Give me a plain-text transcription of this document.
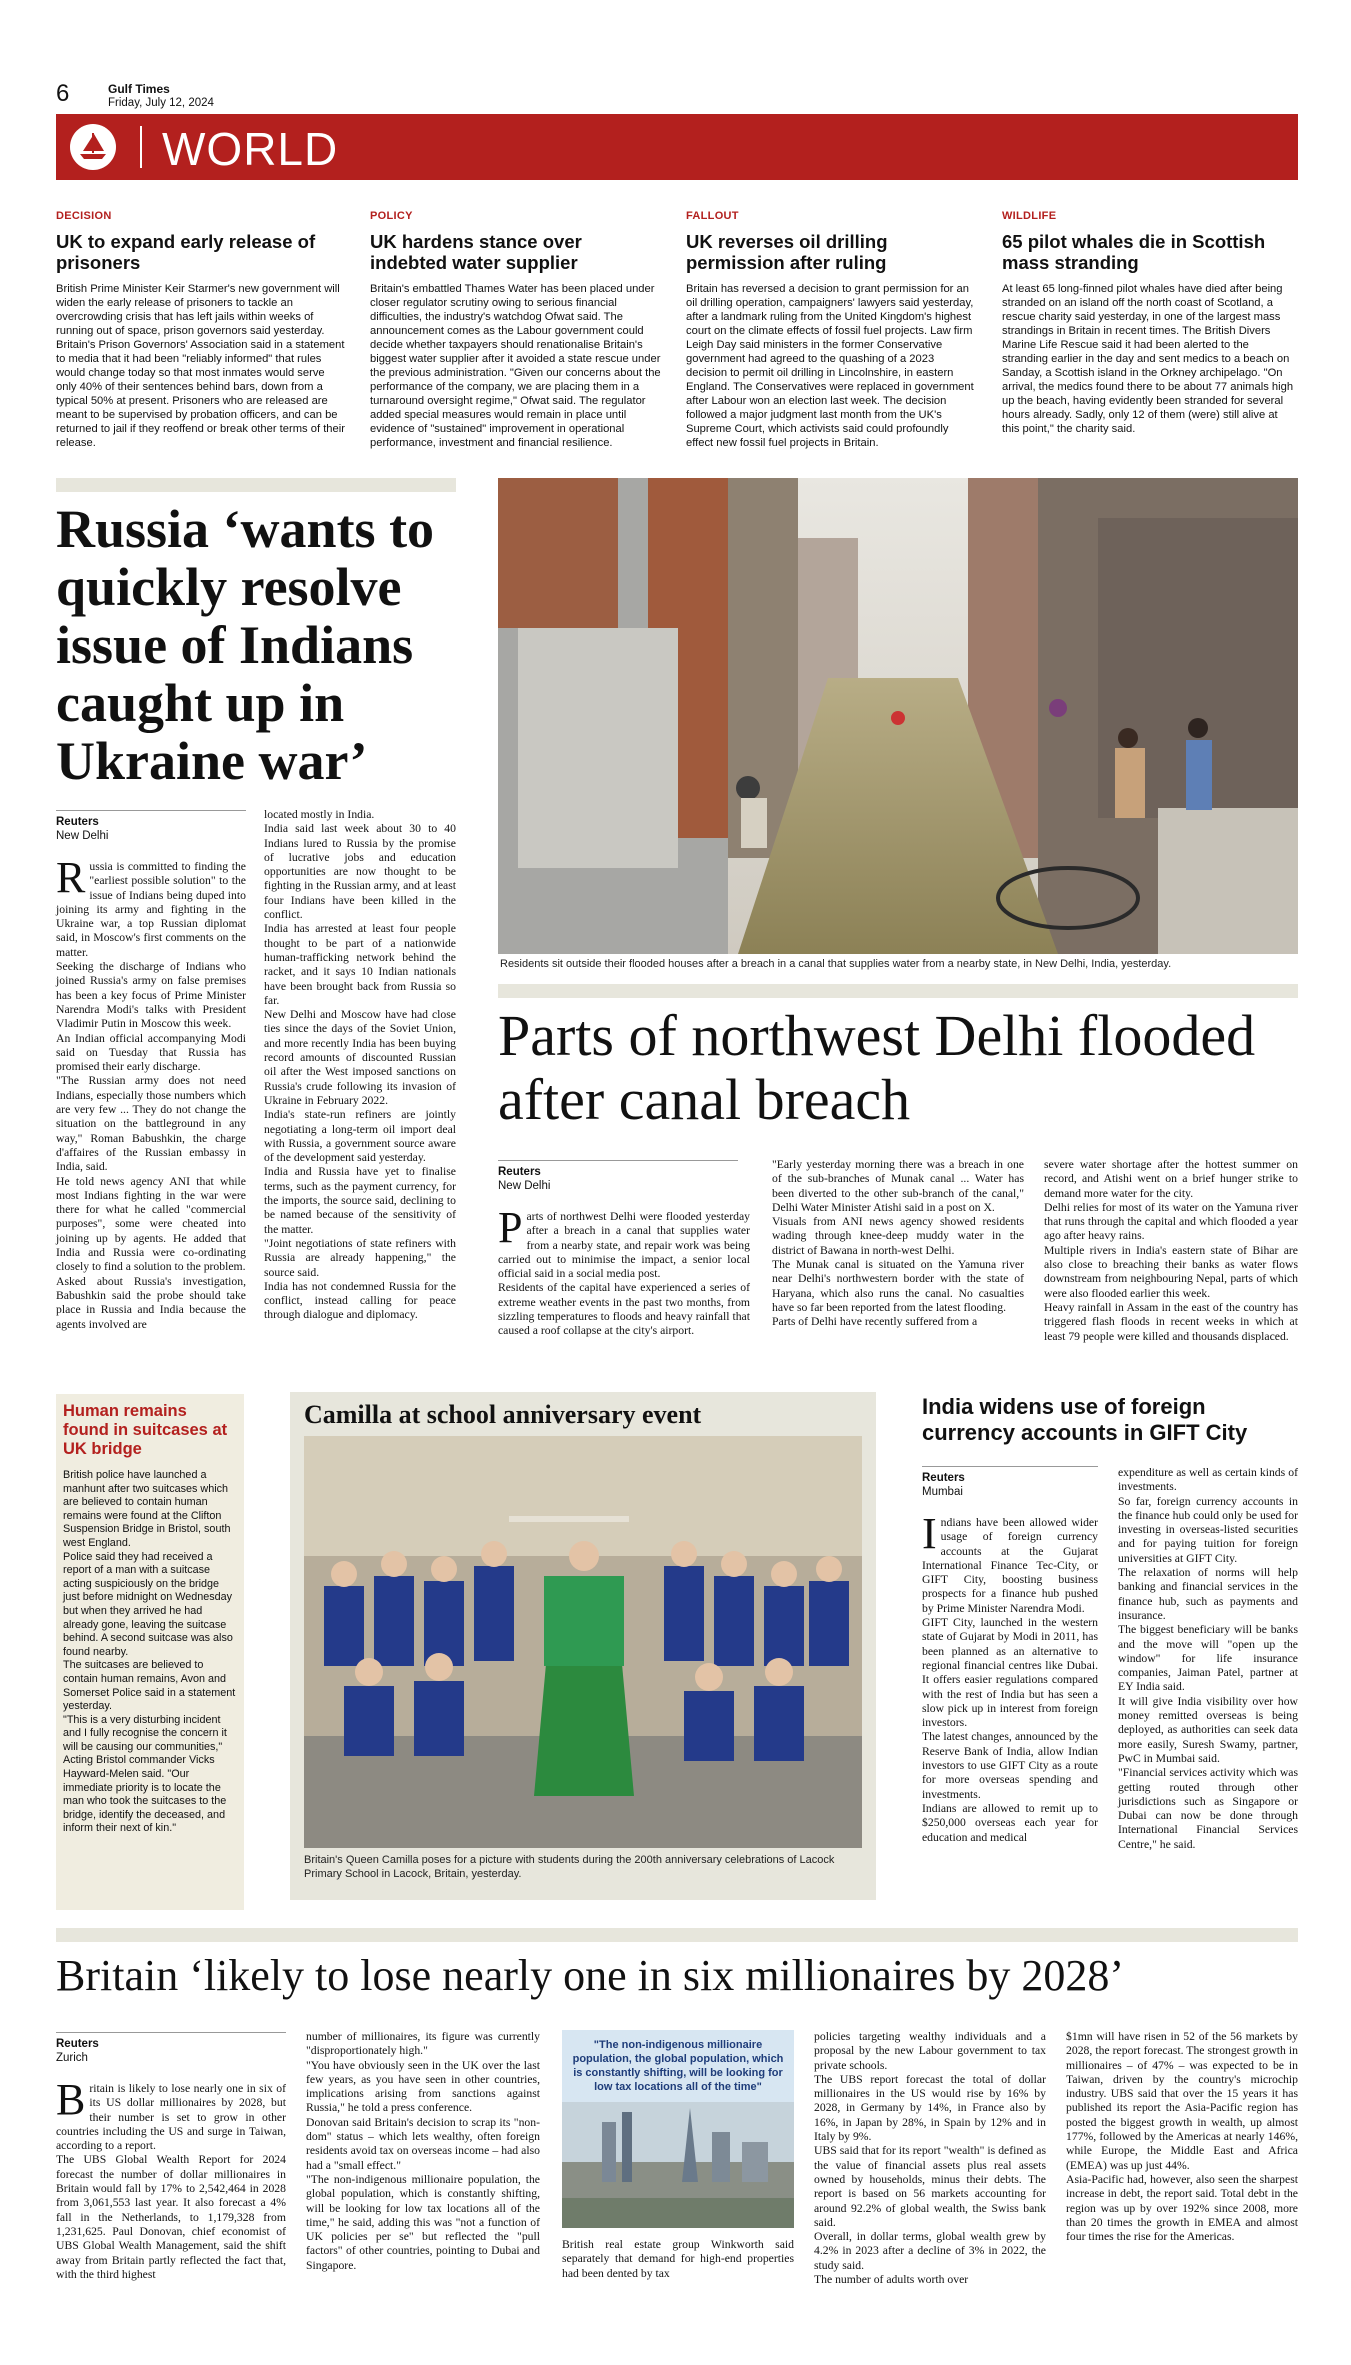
6	Gulf Times
Friday, July 12, 2024
WORLD
DECISION
UK to expand early release of prisoners
British Prime Minister Keir Starmer's new government will widen the early release of prisoners to tackle an overcrowding crisis that has left jails within weeks of running out of space, prison governors said yesterday. Britain's Prison Governors' Association said in a statement to media that it had been "reliably informed" that rules would change today so that most inmates would serve only 40% of their sentences behind bars, down from a typical 50% at present. Prisoners who are released are meant to be supervised by probation officers, and can be returned to jail if they reoffend or break other terms of their release.
POLICY
UK hardens stance over indebted water supplier
Britain's embattled Thames Water has been placed under closer regulator scrutiny owing to serious financial difficulties, the industry's watchdog Ofwat said. The announcement comes as the Labour government could decide whether taxpayers should renationalise Britain's biggest water supplier after it avoided a state rescue under the previous administration. "Given our concerns about the performance of the company, we are placing them in a turnaround oversight regime," Ofwat said. The regulator added special measures would remain in place until evidence of "sustained" improvement in operational performance, investment and financial resilience.
FALLOUT
UK reverses oil drilling permission after ruling
Britain has reversed a decision to grant permission for an oil drilling operation, campaigners' lawyers said yesterday, after a landmark ruling from the United Kingdom's highest court on the climate effects of fossil fuel projects. Law firm Leigh Day said ministers in the former Conservative government had agreed to the quashing of a 2023 decision to permit oil drilling in Lincolnshire, in eastern England. The Conservatives were replaced in government after Labour won an election last week. The decision followed a major judgment last month from the UK's Supreme Court, which activists said could profoundly effect new fossil fuel projects in Britain.
WILDLIFE
65 pilot whales die in Scottish mass stranding
At least 65 long-finned pilot whales have died after being stranded on an island off the north coast of Scotland, a rescue charity said yesterday, in one of the largest mass strandings in Britain in recent times. The British Divers Marine Life Rescue said it had been alerted to the stranding earlier in the day and sent medics to a beach on Sanday, a Scottish island in the Orkney archipelago. "On arrival, the medics found there to be about 77 animals high up the beach, having evidently been stranded for several hours already. Sadly, only 12 of them (were) still alive at this point," the charity said.
Russia ‘wants to quickly resolve issue of Indians caught up in Ukraine war’
Reuters
New Delhi
Russia is committed to finding the "earliest possible solution" to the issue of Indians being duped into joining its army and fighting in the Ukraine war, a top Russian diplomat said, in Moscow's first comments on the matter.
Seeking the discharge of Indians who joined Russia's army on false premises has been a key focus of Prime Minister Narendra Modi's talks with President Vladimir Putin in Moscow this week.
An Indian official accompanying Modi said on Tuesday that Russia has promised their early discharge.
"The Russian army does not need Indians, especially those numbers which are very few ... They do not change the situation on the battleground in any way," Roman Babushkin, the charge d'affaires of the Russian embassy in India, said.
He told news agency ANI that while most Indians fighting in the war were there for what he called "commercial purposes", some were cheated into joining up by agents. He added that India and Russia were co-ordinating closely to find a solution to the problem.
Asked about Russia's investigation, Babushkin said the probe should take place in Russia and India because the agents involved are
located mostly in India.
India said last week about 30 to 40 Indians lured to Russia by the promise of lucrative jobs and education opportunities are now thought to be fighting in the Russian army, and at least four Indians have been killed in the conflict.
India has arrested at least four people thought to be part of a nationwide human-trafficking network behind the racket, and it says 10 Indian nationals have been brought back from Russia so far.
New Delhi and Moscow have had close ties since the days of the Soviet Union, and more recently India has been buying record amounts of discounted Russian oil after the West imposed sanctions on Russia's crude following its invasion of Ukraine in February 2022.
India's state-run refiners are jointly negotiating a long-term oil import deal with Russia, a government source aware of the development said yesterday.
India and Russia have yet to finalise terms, such as the payment currency, for the imports, the source said, declining to be named because of the sensitivity of the matter.
"Joint negotiations of state refiners with Russia are already happening," the source said.
India has not condemned Russia for the conflict, instead calling for peace through dialogue and diplomacy.
Residents sit outside their flooded houses after a breach in a canal that supplies water from a nearby state, in New Delhi, India, yesterday.
Parts of northwest Delhi flooded after canal breach
Reuters
New Delhi
Parts of northwest Delhi were flooded yesterday after a breach in a canal that supplies water from a nearby state, and repair work was being carried out to minimise the impact, a senior local official said in a social media post.
Residents of the capital have experienced a series of extreme weather events in the past two months, from sizzling temperatures to floods and heavy rainfall that caused a roof collapse at the city's airport.
"Early yesterday morning there was a breach in one of the sub-branches of Munak canal ... Water has been diverted to the other sub-branch of the canal," Delhi Water Minister Atishi said in a post on X.
Visuals from ANI news agency showed residents wading through knee-deep muddy water in the district of Bawana in north-west Delhi.
The Munak canal is situated on the Yamuna river near Delhi's northwestern border with the state of Haryana, which also runs the canal. No casualties have so far been reported from the latest flooding.
Parts of Delhi have recently suffered from a
severe water shortage after the hottest summer on record, and Atishi went on a brief hunger strike to demand more water for the city.
Delhi relies for most of its water on the Yamuna river that runs through the capital and which flooded a year ago after heavy rains.
Multiple rivers in India's eastern state of Bihar are also close to breaching their banks as water flows downstream from neighbouring Nepal, parts of which were also flooded earlier this week.
Heavy rainfall in Assam in the east of the country has triggered flash floods in recent weeks in which at least 79 people were killed and thousands displaced.
Human remains found in suitcases at UK bridge
British police have launched a manhunt after two suitcases which are believed to contain human remains were found at the Clifton Suspension Bridge in Bristol, south west England.
Police said they had received a report of a man with a suitcase acting suspiciously on the bridge just before midnight on Wednesday but when they arrived he had already gone, leaving the suitcase behind. A second suitcase was also found nearby.
The suitcases are believed to contain human remains, Avon and Somerset Police said in a statement yesterday.
"This is a very disturbing incident and I fully recognise the concern it will be causing our communities," Acting Bristol commander Vicks Hayward-Melen said. "Our immediate priority is to locate the man who took the suitcases to the bridge, identify the deceased, and inform their next of kin."
Camilla at school anniversary event
Britain's Queen Camilla poses for a picture with students during the 200th anniversary celebrations of Lacock Primary School in Lacock, Britain, yesterday.
India widens use of foreign currency accounts in GIFT City
Reuters
Mumbai
Indians have been allowed wider usage of foreign currency accounts at the Gujarat International Finance Tec-City, or GIFT City, boosting business prospects for a finance hub pushed by Prime Minister Narendra Modi.
GIFT City, launched in the western state of Gujarat by Modi in 2011, has been planned as an alternative to regional financial centres like Dubai. It offers easier regulations compared with the rest of India but has seen a slow pick up in interest from foreign investors.
The latest changes, announced by the Reserve Bank of India, allow Indian investors to use GIFT City as a route for more overseas spending and investments.
Indians are allowed to remit up to $250,000 overseas each year for education and medical
expenditure as well as certain kinds of investments.
So far, foreign currency accounts in the finance hub could only be used for investing in overseas-listed securities and for paying tuition for foreign universities at GIFT City.
The relaxation of norms will help banking and financial services in the finance hub, such as payments and insurance.
The biggest beneficiary will be banks and the move will "open up the window" for life insurance companies, Jaiman Patel, partner at EY India said.
It will give India visibility over how money remitted overseas is being deployed, as authorities can seek data more easily, Suresh Swamy, partner, PwC in Mumbai said.
"Financial services activity which was getting routed through other jurisdictions such as Singapore or Dubai can now be done through International Financial Services Centre," he said.
Britain ‘likely to lose nearly one in six millionaires by 2028’
Reuters
Zurich
Britain is likely to lose nearly one in six of its US dollar millionaires by 2028, but their number is set to grow in other countries including the US and surge in Taiwan, according to a report.
The UBS Global Wealth Report for 2024 forecast the number of dollar millionaires in Britain would fall by 17% to 2,542,464 in 2028 from 3,061,553 last year. It also forecast a 4% fall in the Netherlands, to 1,179,328 from 1,231,625. Paul Donovan, chief economist of UBS Global Wealth Management, said the shift away from Britain partly reflected the fact that, with the third highest
number of millionaires, its figure was currently "disproportionately high."
"You have obviously seen in the UK over the last few years, as you have seen in other countries, implications arising from sanctions against Russia," he told a press conference.
Donovan said Britain's decision to scrap its "non-dom" status – which lets wealthy, often foreign residents avoid tax on overseas income – had also had a "small effect."
"The non-indigenous millionaire population, the global population, which is constantly shifting, will be looking for low tax locations all of the time," he said, adding this was "not a function of UK policies per se" but reflected the "pull factors" of other countries, pointing to Dubai and Singapore.
"The non-indigenous millionaire population, the global population, which is constantly shifting, will be looking for low tax locations all of the time"
British real estate group Winkworth said separately that demand for high-end properties had been dented by tax
policies targeting wealthy individuals and a proposal by the new Labour government to tax private schools.
The UBS report forecast the total of dollar millionaires in the US would rise by 16% by 2028, in Germany by 14%, in France also by 16%, in Japan by 28%, in Spain by 12% and in Italy by 9%.
UBS said that for its report "wealth" is defined as the value of financial assets plus real assets owned by households, minus their debts. The report is based on 56 markets accounting for around 92.2% of global wealth, the Swiss bank said.
Overall, in dollar terms, global wealth grew by 4.2% in 2023 after a decline of 3% in 2022, the study said.
The number of adults worth over
$1mn will have risen in 52 of the 56 markets by 2028, the report forecast. The strongest growth in millionaires – of 47% – was expected to be in Taiwan, driven by the country's microchip industry. UBS said that over the 15 years it has published its report the Asia-Pacific region has posted the biggest growth in wealth, up almost 177%, followed by the Americas at nearly 146%, while Europe, the Middle East and Africa (EMEA) was up just 44%.
Asia-Pacific had, however, also seen the sharpest increase in debt, the report said. Total debt in the region was up by over 192% since 2008, more than 20 times the growth in EMEA and almost four times the rise for the Americas.
